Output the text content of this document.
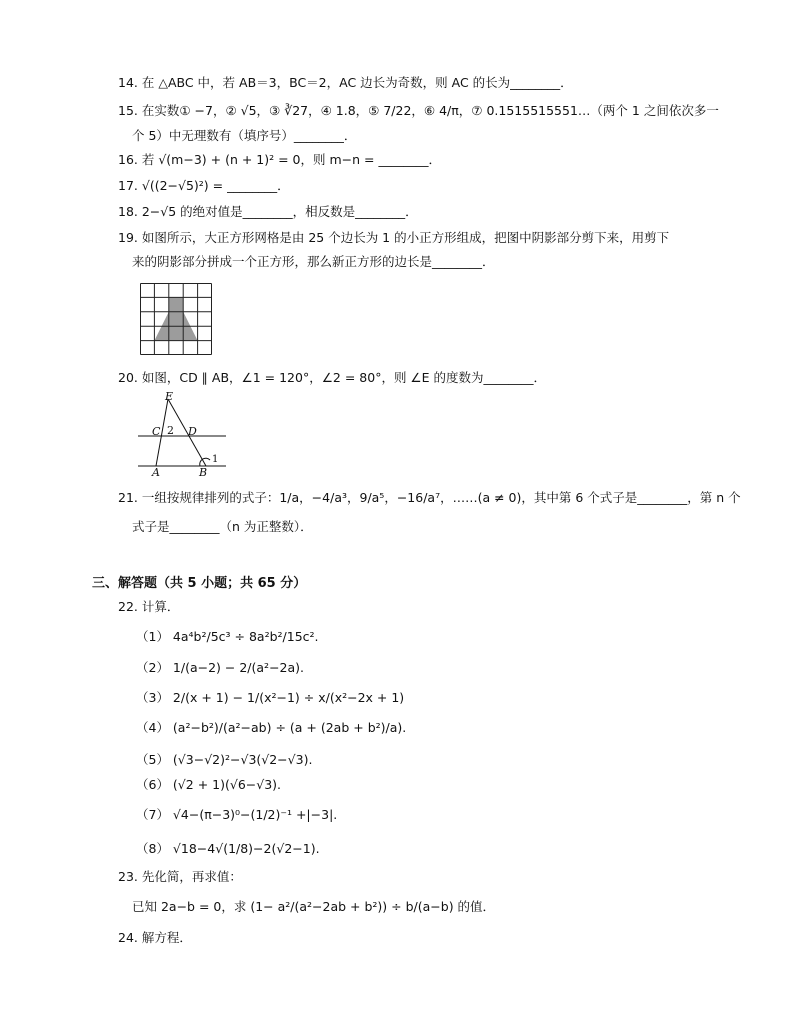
14. 在 △ABC 中，若 AB＝3，BC＝2，AC 边长为奇数，则 AC 的长为________．
15. 在实数① −7，② √5，③ ∛27，④ 1.8，⑤ 7/22，⑥ 4/π，⑦ 0.1515515551…（两个 1 之间依次多一
个 5）中无理数有（填序号）________．
16. 若 √(m−3) + (n + 1)² = 0，则 m−n = ________．
17. √((2−√5)²) = ________．
18. 2−√5 的绝对值是________，相反数是________．
19. 如图所示，大正方形网格是由 25 个边长为 1 的小正方形组成，把图中阴影部分剪下来，用剪下
来的阴影部分拼成一个正方形，那么新正方形的边长是________．
20. 如图，CD ∥ AB，∠1 = 120°，∠2 = 80°，则 ∠E 的度数为________．
E
C 2 D
A	B
1
21. 一组按规律排列的式子：1/a，−4/a³，9/a⁵，−16/a⁷，……(a ≠ 0)，其中第 6 个式子是________，第 n 个
式子是________（n 为正整数）．
三、解答题（共 5 小题；共 65 分）
22. 计算．
（1） 4a⁴b²/5c³ ÷ 8a²b²/15c².
（2） 1/(a−2) − 2/(a²−2a).
（3） 2/(x + 1) − 1/(x²−1) ÷ x/(x²−2x + 1)
（4） (a²−b²)/(a²−ab) ÷ (a + (2ab + b²)/a).
（5） (√3−√2)²−√3(√2−√3).
（6） (√2 + 1)(√6−√3).
（7） √4−(π−3)⁰−(1/2)⁻¹ +|−3|.
（8） √18−4√(1/8)−2(√2−1).
23. 先化简，再求值：
已知 2a−b = 0，求 (1− a²/(a²−2ab + b²)) ÷ b/(a−b) 的值．
24. 解方程．
